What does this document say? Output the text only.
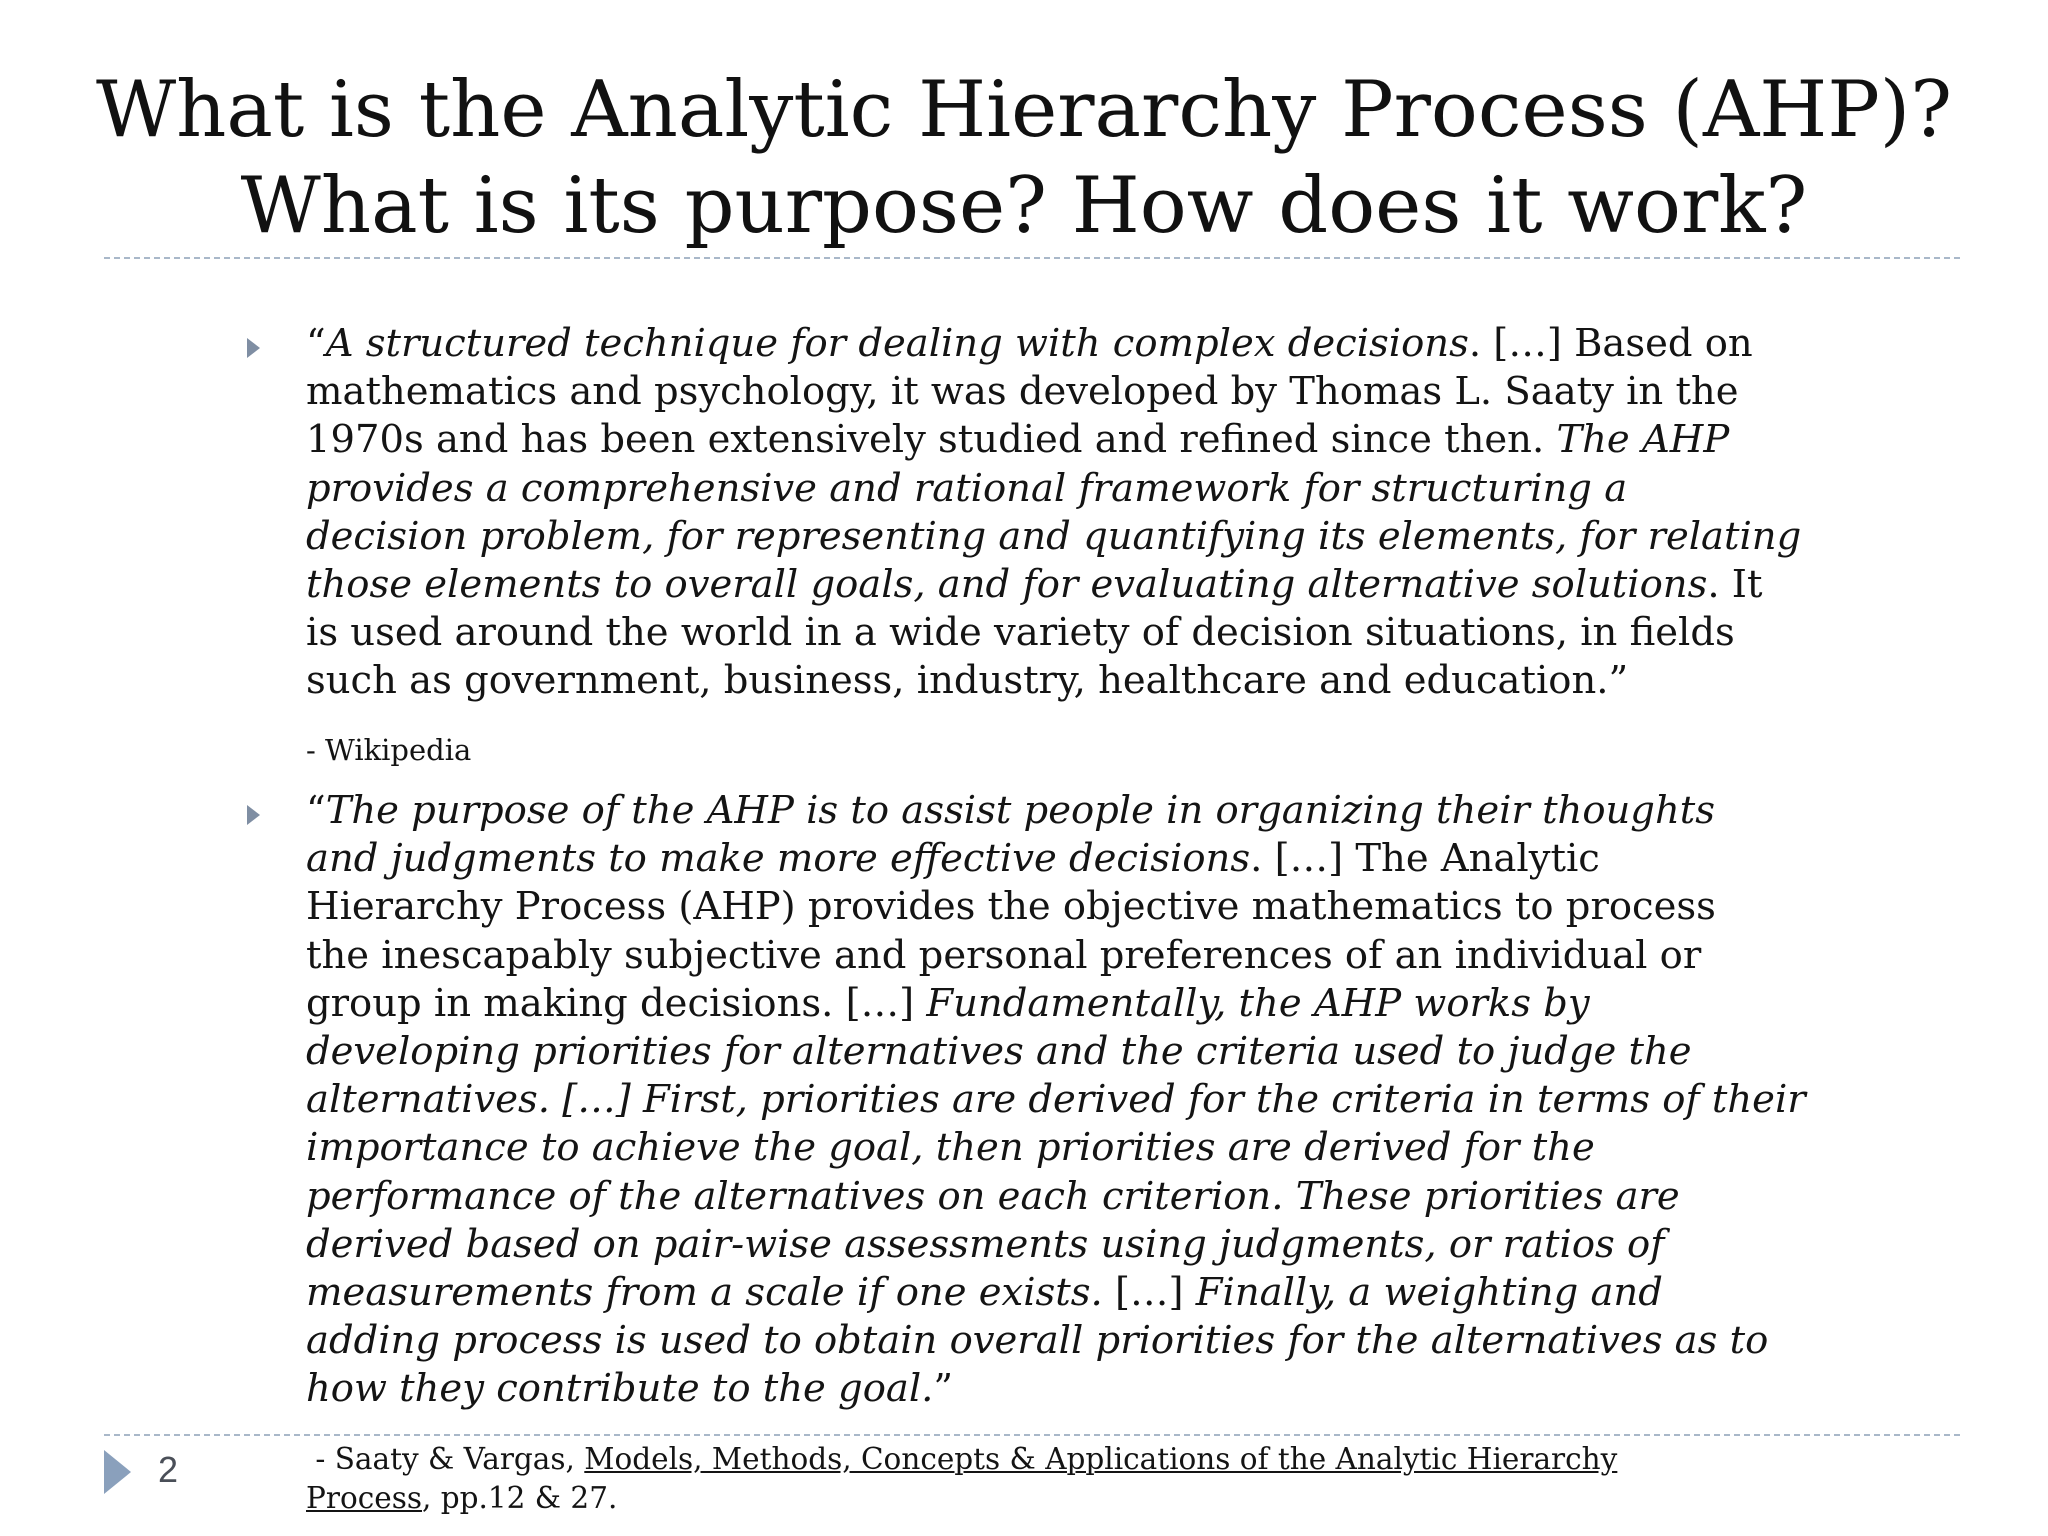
What is the Analytic Hierarchy Process (AHP)?
What is its purpose? How does it work?

“A structured technique for dealing with complex decisions. […] Based on
mathematics and psychology, it was developed by Thomas L. Saaty in the
1970s and has been extensively studied and refined since then. The AHP
provides a comprehensive and rational framework for structuring a
decision problem, for representing and quantifying its elements, for relating
those elements to overall goals, and for evaluating alternative solutions. It
is used around the world in a wide variety of decision situations, in fields
such as government, business, industry, healthcare and education.”

- Wikipedia

“The purpose of the AHP is to assist people in organizing their thoughts
and judgments to make more effective decisions. […] The Analytic
Hierarchy Process (AHP) provides the objective mathematics to process
the inescapably subjective and personal preferences of an individual or
group in making decisions. […] Fundamentally, the AHP works by
developing priorities for alternatives and the criteria used to judge the
alternatives. […] First, priorities are derived for the criteria in terms of their
importance to achieve the goal, then priorities are derived for the
performance of the alternatives on each criterion. These priorities are
derived based on pair-wise assessments using judgments, or ratios of
measurements from a scale if one exists. […] Finally, a weighting and
adding process is used to obtain overall priorities for the alternatives as to
how they contribute to the goal.”

2	- Saaty & Vargas, Models, Methods, Concepts & Applications of the Analytic Hierarchy
Process, pp.12 & 27.
